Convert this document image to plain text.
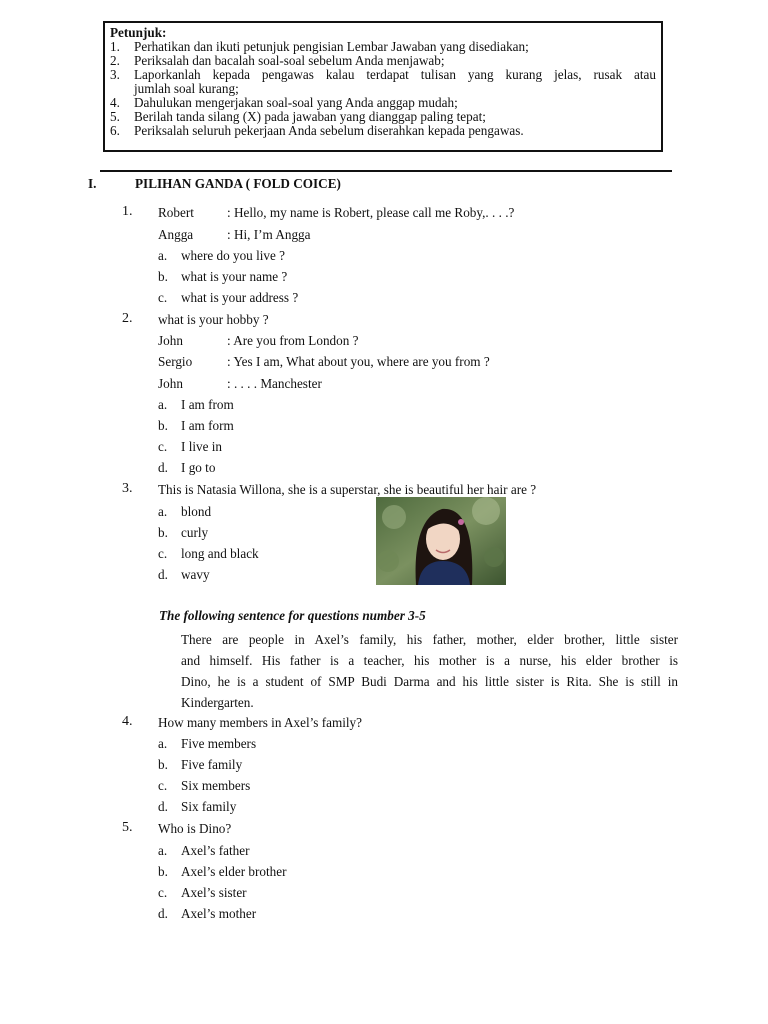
Petunjuk:
1. Perhatikan dan ikuti petunjuk pengisian Lembar Jawaban yang disediakan;
2. Periksalah dan bacalah soal-soal sebelum Anda menjawab;
3. Laporkanlah kepada pengawas kalau terdapat tulisan yang kurang jelas, rusak atau
jumlah soal kurang;
4. Dahulukan mengerjakan soal-soal yang Anda anggap mudah;
5. Berilah tanda silang (X) pada jawaban yang dianggap paling tepat;
6. Periksalah seluruh pekerjaan Anda sebelum diserahkan kepada pengawas.
I.	PILIHAN GANDA ( FOLD COICE)
1. Robert	: Hello, my name is Robert, please call me Roby,. . . .?
Angga	: Hi, I’m Angga
a. where do you live ?
b. what is your name ?
c. what is your address ?
2. what is your hobby ?
John	: Are you from London ?
Sergio	: Yes I am, What about you, where are you from ?
John	: . . . . Manchester
a. I am from
b. I am form
c. I live in
d. I go to
3. This is Natasia Willona, she is a superstar, she is beautiful her hair are ?
a. blond
b. curly
c. long and black
d. wavy
The following sentence for questions number 3-5
There are people in Axel’s family, his father, mother, elder brother, little sister
and himself. His father is a teacher, his mother is a nurse, his elder brother is
Dino, he is a student of SMP Budi Darma and his little sister is Rita. She is still in
Kindergarten.
4. How many members in Axel’s family?
a. Five members
b. Five family
c. Six members
d. Six family
5. Who is Dino?
a. Axel’s father
b. Axel’s elder brother
c. Axel’s sister
d. Axel’s mother
